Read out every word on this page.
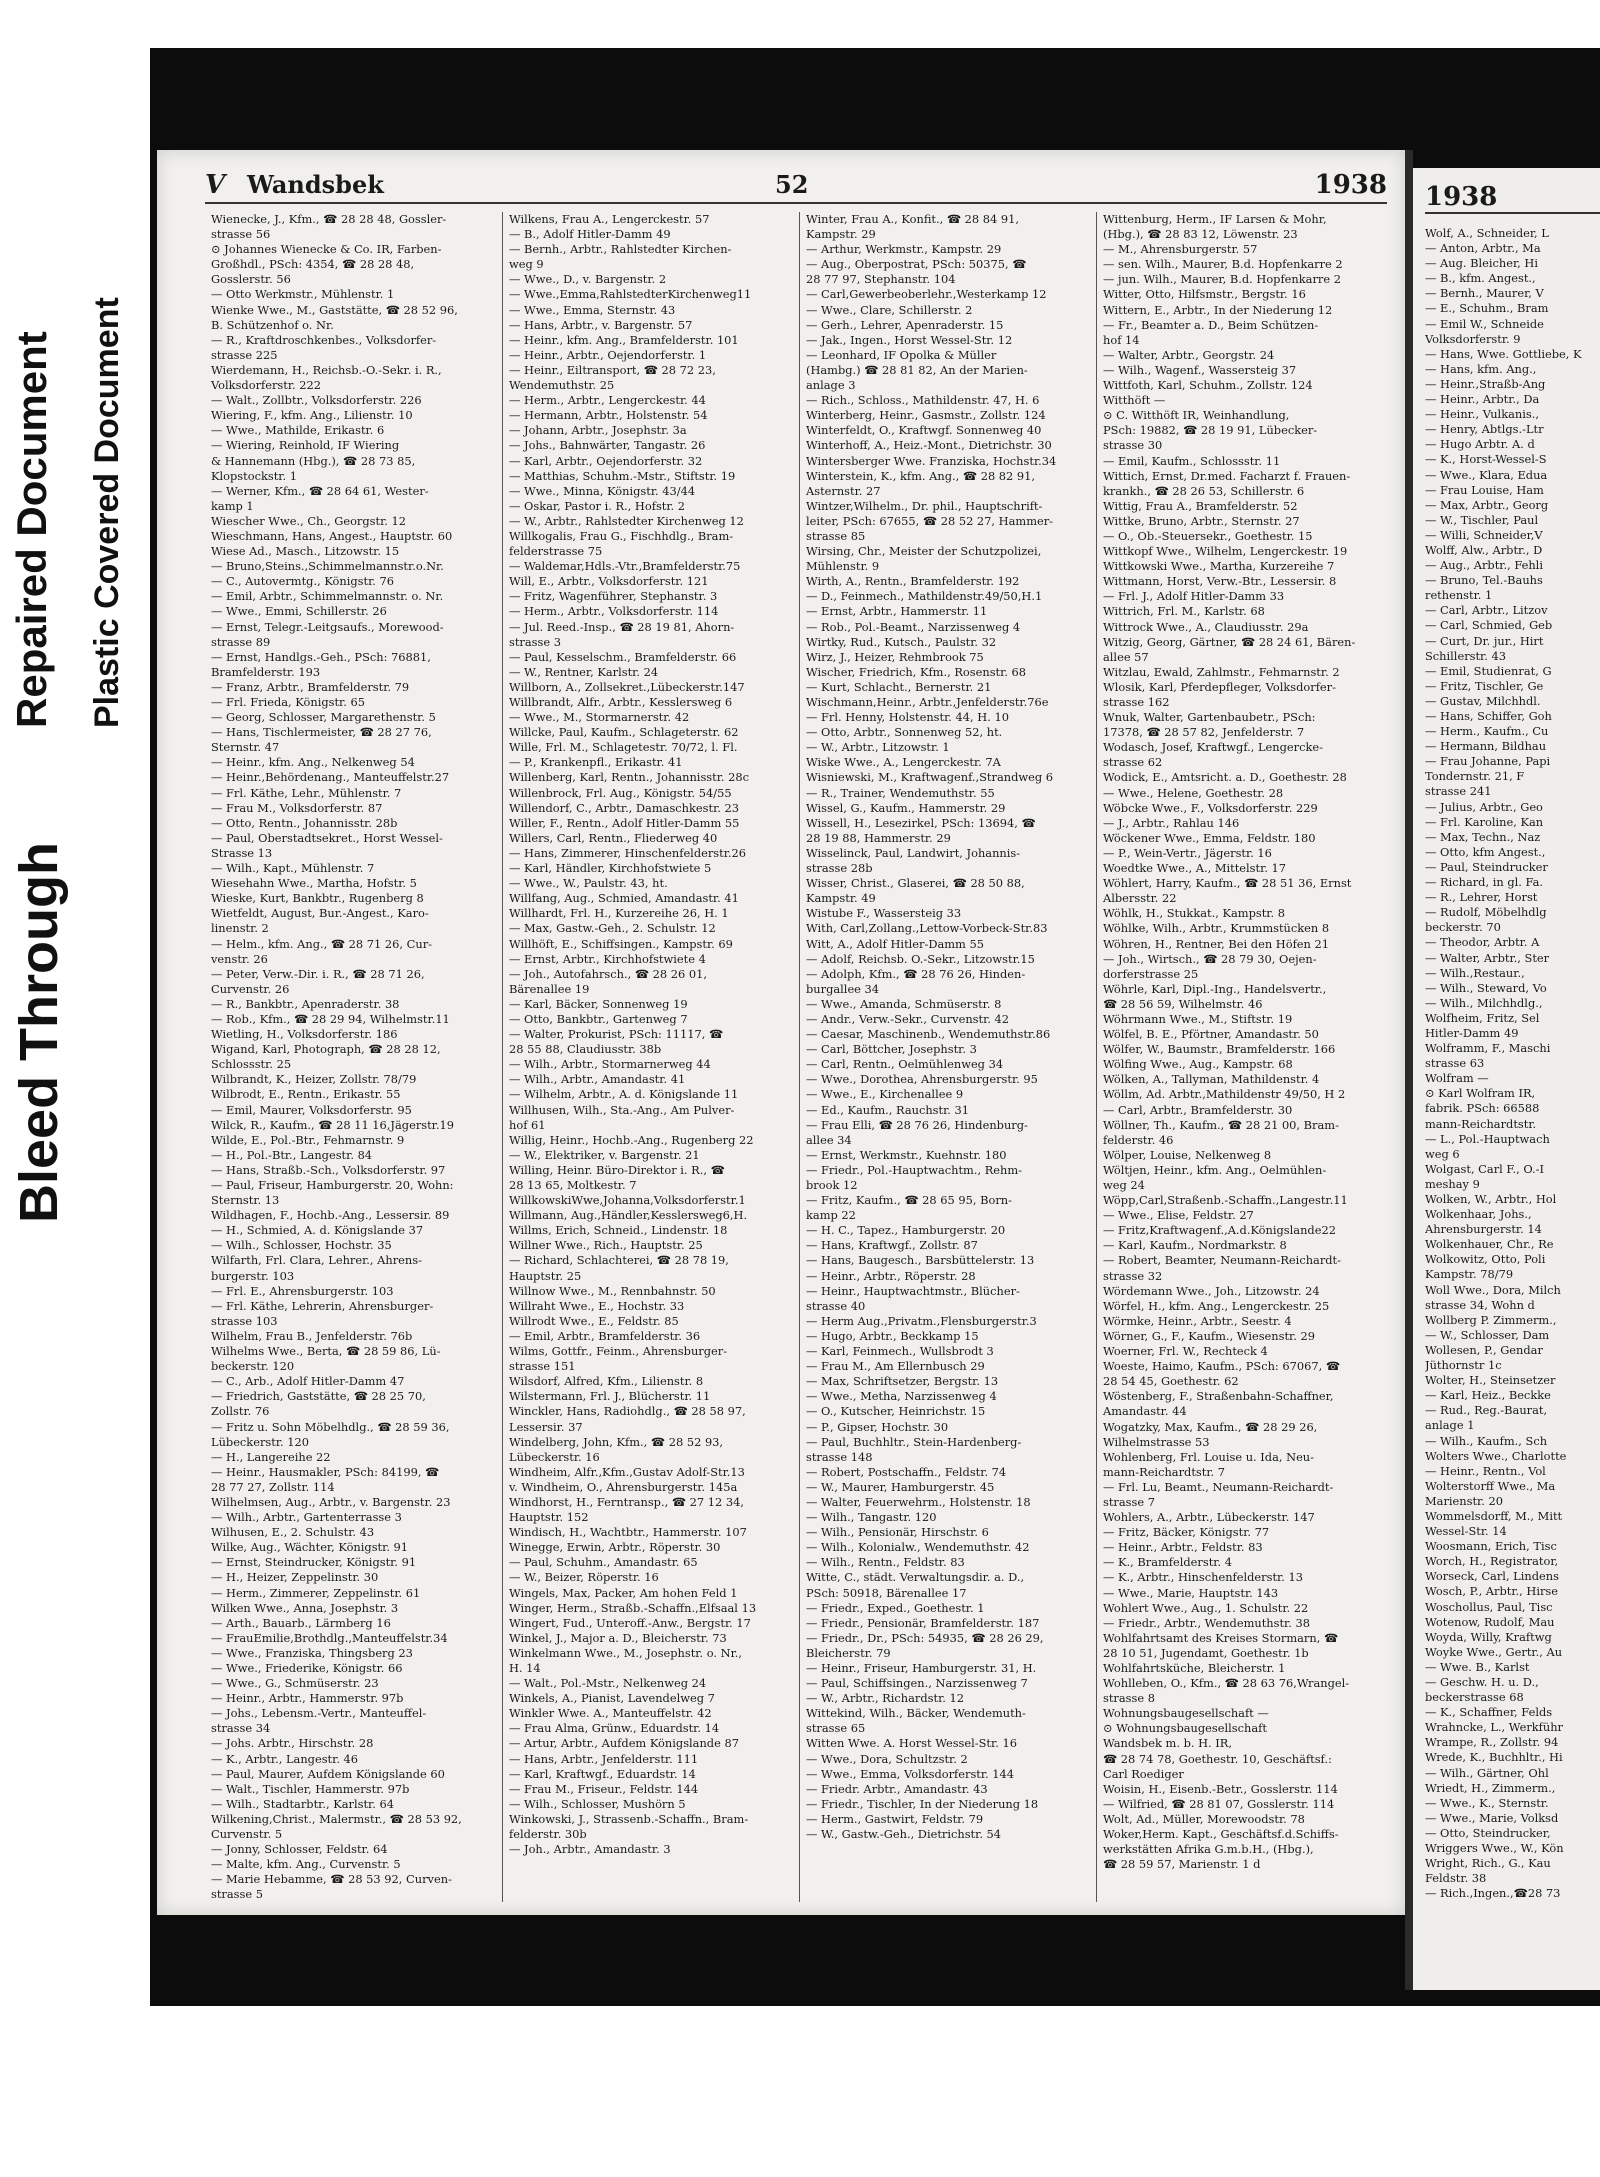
Bleed Through
Repaired Document Plastic Covered Document
V Wandsbek	52	1938
Wienecke, J., Kfm., ☎ 28 28 48, Gossler-
strasse 56
⊙ Johannes Wienecke & Co. IR, Farben-
Großhdl., PSch: 4354, ☎ 28 28 48,
Gosslerstr. 56
— Otto Werkmstr., Mühlenstr. 1
Wienke Wwe., M., Gaststätte, ☎ 28 52 96,
B. Schützenhof o. Nr.
— R., Kraftdroschkenbes., Volksdorfer-
strasse 225
Wierdemann, H., Reichsb.-O.-Sekr. i. R.,
Volksdorferstr. 222
— Walt., Zollbtr., Volksdorferstr. 226
Wiering, F., kfm. Ang., Lilienstr. 10
— Wwe., Mathilde, Erikastr. 6
— Wiering, Reinhold, IF Wiering
& Hannemann (Hbg.), ☎ 28 73 85,
Klopstockstr. 1
— Werner, Kfm., ☎ 28 64 61, Wester-
kamp 1
Wiescher Wwe., Ch., Georgstr. 12
Wieschmann, Hans, Angest., Hauptstr. 60
Wiese Ad., Masch., Litzowstr. 15
— Bruno,Steins.,Schimmelmannstr.o.Nr.
— C., Autovermtg., Königstr. 76
— Emil, Arbtr., Schimmelmannstr. o. Nr.
— Wwe., Emmi, Schillerstr. 26
— Ernst, Telegr.-Leitgsaufs., Morewood-
strasse 89
— Ernst, Handlgs.-Geh., PSch: 76881,
Bramfelderstr. 193
— Franz, Arbtr., Bramfelderstr. 79
— Frl. Frieda, Königstr. 65
— Georg, Schlosser, Margarethenstr. 5
— Hans, Tischlermeister, ☎ 28 27 76,
Sternstr. 47
— Heinr., kfm. Ang., Nelkenweg 54
— Heinr.,Behördenang., Manteuffelstr.27
— Frl. Käthe, Lehr., Mühlenstr. 7
— Frau M., Volksdorferstr. 87
— Otto, Rentn., Johannisstr. 28b
— Paul, Oberstadtsekret., Horst Wessel-
Strasse 13
— Wilh., Kapt., Mühlenstr. 7
Wiesehahn Wwe., Martha, Hofstr. 5
Wieske, Kurt, Bankbtr., Rugenberg 8
Wietfeldt, August, Bur.-Angest., Karo-
linenstr. 2
— Helm., kfm. Ang., ☎ 28 71 26, Cur-
venstr. 26
— Peter, Verw.-Dir. i. R., ☎ 28 71 26,
Curvenstr. 26
— R., Bankbtr., Apenraderstr. 38
— Rob., Kfm., ☎ 28 29 94, Wilhelmstr.11
Wietling, H., Volksdorferstr. 186
Wigand, Karl, Photograph, ☎ 28 28 12,
Schlossstr. 25
Wilbrandt, K., Heizer, Zollstr. 78/79
Wilbrodt, E., Rentn., Erikastr. 55
— Emil, Maurer, Volksdorferstr. 95
Wilck, R., Kaufm., ☎ 28 11 16,Jägerstr.19
Wilde, E., Pol.-Btr., Fehmarnstr. 9
— H., Pol.-Btr., Langestr. 84
— Hans, Straßb.-Sch., Volksdorferstr. 97
— Paul, Friseur, Hamburgerstr. 20, Wohn:
Sternstr. 13
Wildhagen, F., Hochb.-Ang., Lessersir. 89
— H., Schmied, A. d. Königslande 37
— Wilh., Schlosser, Hochstr. 35
Wilfarth, Frl. Clara, Lehrer., Ahrens-
burgerstr. 103
— Frl. E., Ahrensburgerstr. 103
— Frl. Käthe, Lehrerin, Ahrensburger-
strasse 103
Wilhelm, Frau B., Jenfelderstr. 76b
Wilhelms Wwe., Berta, ☎ 28 59 86, Lü-
beckerstr. 120
— C., Arb., Adolf Hitler-Damm 47
— Friedrich, Gaststätte, ☎ 28 25 70,
Zollstr. 76
— Fritz u. Sohn Möbelhdlg., ☎ 28 59 36,
Lübeckerstr. 120
— H., Langereihe 22
— Heinr., Hausmakler, PSch: 84199, ☎
28 77 27, Zollstr. 114
Wilhelmsen, Aug., Arbtr., v. Bargenstr. 23
— Wilh., Arbtr., Gartenterrasse 3
Wilhusen, E., 2. Schulstr. 43
Wilke, Aug., Wächter, Königstr. 91
— Ernst, Steindrucker, Königstr. 91
— H., Heizer, Zeppelinstr. 30
— Herm., Zimmerer, Zeppelinstr. 61
Wilken Wwe., Anna, Josephstr. 3
— Arth., Bauarb., Lärmberg 16
— FrauEmilie,Brothdlg.,Manteuffelstr.34
— Wwe., Franziska, Thingsberg 23
— Wwe., Friederike, Königstr. 66
— Wwe., G., Schmüserstr. 23
— Heinr., Arbtr., Hammerstr. 97b
— Johs., Lebensm.-Vertr., Manteuffel-
strasse 34
— Johs. Arbtr., Hirschstr. 28
— K., Arbtr., Langestr. 46
— Paul, Maurer, Aufdem Königslande 60
— Walt., Tischler, Hammerstr. 97b
— Wilh., Stadtarbtr., Karlstr. 64
Wilkening,Christ., Malermstr., ☎ 28 53 92,
Curvenstr. 5
— Jonny, Schlosser, Feldstr. 64
— Malte, kfm. Ang., Curvenstr. 5
— Marie Hebamme, ☎ 28 53 92, Curven-
strasse 5
Wilkens, Frau A., Lengerckestr. 57
— B., Adolf Hitler-Damm 49
— Bernh., Arbtr., Rahlstedter Kirchen-
weg 9
— Wwe., D., v. Bargenstr. 2
— Wwe.,Emma,RahlstedterKirchenweg11
— Wwe., Emma, Sternstr. 43
— Hans, Arbtr., v. Bargenstr. 57
— Heinr., kfm. Ang., Bramfelderstr. 101
— Heinr., Arbtr., Oejendorferstr. 1
— Heinr., Eiltransport, ☎ 28 72 23,
Wendemuthstr. 25
— Herm., Arbtr., Lengerckestr. 44
— Hermann, Arbtr., Holstenstr. 54
— Johann, Arbtr., Josephstr. 3a
— Johs., Bahnwärter, Tangastr. 26
— Karl, Arbtr., Oejendorferstr. 32
— Matthias, Schuhm.-Mstr., Stiftstr. 19
— Wwe., Minna, Königstr. 43/44
— Oskar, Pastor i. R., Hofstr. 2
— W., Arbtr., Rahlstedter Kirchenweg 12
Willkogalis, Frau G., Fischhdlg., Bram-
felderstrasse 75
— Waldemar,Hdls.-Vtr.,Bramfelderstr.75
Will, E., Arbtr., Volksdorferstr. 121
— Fritz, Wagenführer, Stephanstr. 3
— Herm., Arbtr., Volksdorferstr. 114
— Jul. Reed.-Insp., ☎ 28 19 81, Ahorn-
strasse 3
— Paul, Kesselschm., Bramfelderstr. 66
— W., Rentner, Karlstr. 24
Willborn, A., Zollsekret.,Lübeckerstr.147
Willbrandt, Alfr., Arbtr., Kesslersweg 6
— Wwe., M., Stormarnerstr. 42
Willcke, Paul, Kaufm., Schlageterstr. 62
Wille, Frl. M., Schlagetestr. 70/72, l. Fl.
— P., Krankenpfl., Erikastr. 41
Willenberg, Karl, Rentn., Johannisstr. 28c
Willenbrock, Frl. Aug., Königstr. 54/55
Willendorf, C., Arbtr., Damaschkestr. 23
Willer, F., Rentn., Adolf Hitler-Damm 55
Willers, Carl, Rentn., Fliederweg 40
— Hans, Zimmerer, Hinschenfelderstr.26
— Karl, Händler, Kirchhofstwiete 5
— Wwe., W., Paulstr. 43, ht.
Willfang, Aug., Schmied, Amandastr. 41
Willhardt, Frl. H., Kurzereihe 26, H. 1
— Max, Gastw.-Geh., 2. Schulstr. 12
Willhöft, E., Schiffsingen., Kampstr. 69
— Ernst, Arbtr., Kirchhofstwiete 4
— Joh., Autofahrsch., ☎ 28 26 01,
Bärenallee 19
— Karl, Bäcker, Sonnenweg 19
— Otto, Bankbtr., Gartenweg 7
— Walter, Prokurist, PSch: 11117, ☎
28 55 88, Claudiusstr. 38b
— Wilh., Arbtr., Stormarnerweg 44
— Wilh., Arbtr., Amandastr. 41
— Wilhelm, Arbtr., A. d. Königslande 11
Willhusen, Wilh., Sta.-Ang., Am Pulver-
hof 61
Willig, Heinr., Hochb.-Ang., Rugenberg 22
— W., Elektriker, v. Bargenstr. 21
Willing, Heinr. Büro-Direktor i. R., ☎
28 13 65, Moltkestr. 7
WillkowskiWwe,Johanna,Volksdorferstr.1
Willmann, Aug.,Händler,Kesslersweg6,H.
Willms, Erich, Schneid., Lindenstr. 18
Willner Wwe., Rich., Hauptstr. 25
— Richard, Schlachterei, ☎ 28 78 19,
Hauptstr. 25
Willnow Wwe., M., Rennbahnstr. 50
Willraht Wwe., E., Hochstr. 33
Willrodt Wwe., E., Feldstr. 85
— Emil, Arbtr., Bramfelderstr. 36
Wilms, Gottfr., Feinm., Ahrensburger-
strasse 151
Wilsdorf, Alfred, Kfm., Lilienstr. 8
Wilstermann, Frl. J., Blücherstr. 11
Winckler, Hans, Radiohdlg., ☎ 28 58 97,
Lessersir. 37
Windelberg, John, Kfm., ☎ 28 52 93,
Lübeckerstr. 16
Windheim, Alfr.,Kfm.,Gustav Adolf-Str.13
v. Windheim, O., Ahrensburgerstr. 145a
Windhorst, H., Ferntransp., ☎ 27 12 34,
Hauptstr. 152
Windisch, H., Wachtbtr., Hammerstr. 107
Winegge, Erwin, Arbtr., Röperstr. 30
— Paul, Schuhm., Amandastr. 65
— W., Beizer, Röperstr. 16
Wingels, Max, Packer, Am hohen Feld 1
Winger, Herm., Straßb.-Schaffn.,Elfsaal 13
Wingert, Fud., Unteroff.-Anw., Bergstr. 17
Winkel, J., Major a. D., Bleicherstr. 73
Winkelmann Wwe., M., Josephstr. o. Nr.,
H. 14
— Walt., Pol.-Mstr., Nelkenweg 24
Winkels, A., Pianist, Lavendelweg 7
Winkler Wwe. A., Manteuffelstr. 42
— Frau Alma, Grünw., Eduardstr. 14
— Artur, Arbtr., Aufdem Königslande 87
— Hans, Arbtr., Jenfelderstr. 111
— Karl, Kraftwgf., Eduardstr. 14
— Frau M., Friseur., Feldstr. 144
— Wilh., Schlosser, Mushörn 5
Winkowski, J., Strassenb.-Schaffn., Bram-
felderstr. 30b
— Joh., Arbtr., Amandastr. 3
Winter, Frau A., Konfit., ☎ 28 84 91,
Kampstr. 29
— Arthur, Werkmstr., Kampstr. 29
— Aug., Oberpostrat, PSch: 50375, ☎
28 77 97, Stephanstr. 104
— Carl,Gewerbeoberlehr.,Westerkamp 12
— Wwe., Clare, Schillerstr. 2
— Gerh., Lehrer, Apenraderstr. 15
— Jak., Ingen., Horst Wessel-Str. 12
— Leonhard, IF Opolka & Müller
(Hambg.) ☎ 28 81 82, An der Marien-
anlage 3
— Rich., Schloss., Mathildenstr. 47, H. 6
Winterberg, Heinr., Gasmstr., Zollstr. 124
Winterfeldt, O., Kraftwgf. Sonnenweg 40
Winterhoff, A., Heiz.-Mont., Dietrichstr. 30
Wintersberger Wwe. Franziska, Hochstr.34
Winterstein, K., kfm. Ang., ☎ 28 82 91,
Asternstr. 27
Wintzer,Wilhelm., Dr. phil., Hauptschrift-
leiter, PSch: 67655, ☎ 28 52 27, Hammer-
strasse 85
Wirsing, Chr., Meister der Schutzpolizei,
Mühlenstr. 9
Wirth, A., Rentn., Bramfelderstr. 192
— D., Feinmech., Mathildenstr.49/50,H.1
— Ernst, Arbtr., Hammerstr. 11
— Rob., Pol.-Beamt., Narzissenweg 4
Wirtky, Rud., Kutsch., Paulstr. 32
Wirz, J., Heizer, Rehmbrook 75
Wischer, Friedrich, Kfm., Rosenstr. 68
— Kurt, Schlacht., Bernerstr. 21
Wischmann,Heinr., Arbtr.,Jenfelderstr.76e
— Frl. Henny, Holstenstr. 44, H. 10
— Otto, Arbtr., Sonnenweg 52, ht.
— W., Arbtr., Litzowstr. 1
Wiske Wwe., A., Lengerckestr. 7A
Wisniewski, M., Kraftwagenf.,Strandweg 6
— R., Trainer, Wendemuthstr. 55
Wissel, G., Kaufm., Hammerstr. 29
Wissell, H., Lesezirkel, PSch: 13694, ☎
28 19 88, Hammerstr. 29
Wisselinck, Paul, Landwirt, Johannis-
strasse 28b
Wisser, Christ., Glaserei, ☎ 28 50 88,
Kampstr. 49
Wistube F., Wassersteig 33
With, Carl,Zollang.,Lettow-Vorbeck-Str.83
Witt, A., Adolf Hitler-Damm 55
— Adolf, Reichsb. O.-Sekr., Litzowstr.15
— Adolph, Kfm., ☎ 28 76 26, Hinden-
burgallee 34
— Wwe., Amanda, Schmüserstr. 8
— Andr., Verw.-Sekr., Curvenstr. 42
— Caesar, Maschinenb., Wendemuthstr.86
— Carl, Böttcher, Josephstr. 3
— Carl, Rentn., Oelmühlenweg 34
— Wwe., Dorothea, Ahrensburgerstr. 95
— Wwe., E., Kirchenallee 9
— Ed., Kaufm., Rauchstr. 31
— Frau Elli, ☎ 28 76 26, Hindenburg-
allee 34
— Ernst, Werkmstr., Kuehnstr. 180
— Friedr., Pol.-Hauptwachtm., Rehm-
brook 12
— Fritz, Kaufm., ☎ 28 65 95, Born-
kamp 22
— H. C., Tapez., Hamburgerstr. 20
— Hans, Kraftwgf., Zollstr. 87
— Hans, Baugesch., Barsbüttelerstr. 13
— Heinr., Arbtr., Röperstr. 28
— Heinr., Hauptwachtmstr., Blücher-
strasse 40
— Herm Aug.,Privatm.,Flensburgerstr.3
— Hugo, Arbtr., Beckkamp 15
— Karl, Feinmech., Wullsbrodt 3
— Frau M., Am Ellernbusch 29
— Max, Schriftsetzer, Bergstr. 13
— Wwe., Metha, Narzissenweg 4
— O., Kutscher, Heinrichstr. 15
— P., Gipser, Hochstr. 30
— Paul, Buchhltr., Stein-Hardenberg-
strasse 148
— Robert, Postschaffn., Feldstr. 74
— W., Maurer, Hamburgerstr. 45
— Walter, Feuerwehrm., Holstenstr. 18
— Wilh., Tangastr. 120
— Wilh., Pensionär, Hirschstr. 6
— Wilh., Kolonialw., Wendemuthstr. 42
— Wilh., Rentn., Feldstr. 83
Witte, C., städt. Verwaltungsdir. a. D.,
PSch: 50918, Bärenallee 17
— Friedr., Exped., Goethestr. 1
— Friedr., Pensionär, Bramfelderstr. 187
— Friedr., Dr., PSch: 54935, ☎ 28 26 29,
Bleicherstr. 79
— Heinr., Friseur, Hamburgerstr. 31, H.
— Paul, Schiffsingen., Narzissenweg 7
— W., Arbtr., Richardstr. 12
Wittekind, Wilh., Bäcker, Wendemuth-
strasse 65
Witten Wwe. A. Horst Wessel-Str. 16
— Wwe., Dora, Schultzstr. 2
— Wwe., Emma, Volksdorferstr. 144
— Friedr. Arbtr., Amandastr. 43
— Friedr., Tischler, In der Niederung 18
— Herm., Gastwirt, Feldstr. 79
— W., Gastw.-Geh., Dietrichstr. 54
Wittenburg, Herm., IF Larsen & Mohr,
(Hbg.), ☎ 28 83 12, Löwenstr. 23
— M., Ahrensburgerstr. 57
— sen. Wilh., Maurer, B.d. Hopfenkarre 2
— jun. Wilh., Maurer, B.d. Hopfenkarre 2
Witter, Otto, Hilfsmstr., Bergstr. 16
Wittern, E., Arbtr., In der Niederung 12
— Fr., Beamter a. D., Beim Schützen-
hof 14
— Walter, Arbtr., Georgstr. 24
— Wilh., Wagenf., Wassersteig 37
Wittfoth, Karl, Schuhm., Zollstr. 124
Witthöft —
⊙ C. Witthöft IR, Weinhandlung,
PSch: 19882, ☎ 28 19 91, Lübecker-
strasse 30
— Emil, Kaufm., Schlossstr. 11
Wittich, Ernst, Dr.med. Facharzt f. Frauen-
krankh., ☎ 28 26 53, Schillerstr. 6
Wittig, Frau A., Bramfelderstr. 52
Wittke, Bruno, Arbtr., Sternstr. 27
— O., Ob.-Steuersekr., Goethestr. 15
Wittkopf Wwe., Wilhelm, Lengerckestr. 19
Wittkowski Wwe., Martha, Kurzereihe 7
Wittmann, Horst, Verw.-Btr., Lessersir. 8
— Frl. J., Adolf Hitler-Damm 33
Wittrich, Frl. M., Karlstr. 68
Wittrock Wwe., A., Claudiusstr. 29a
Witzig, Georg, Gärtner, ☎ 28 24 61, Bären-
allee 57
Witzlau, Ewald, Zahlmstr., Fehmarnstr. 2
Wlosik, Karl, Pferdepfleger, Volksdorfer-
strasse 162
Wnuk, Walter, Gartenbaubetr., PSch:
17378, ☎ 28 57 82, Jenfelderstr. 7
Wodasch, Josef, Kraftwgf., Lengercke-
strasse 62
Wodick, E., Amtsricht. a. D., Goethestr. 28
— Wwe., Helene, Goethestr. 28
Wöbcke Wwe., F., Volksdorferstr. 229
— J., Arbtr., Rahlau 146
Wöckener Wwe., Emma, Feldstr. 180
— P., Wein-Vertr., Jägerstr. 16
Woedtke Wwe., A., Mittelstr. 17
Wöhlert, Harry, Kaufm., ☎ 28 51 36, Ernst
Albersstr. 22
Wöhlk, H., Stukkat., Kampstr. 8
Wöhlke, Wilh., Arbtr., Krummstücken 8
Wöhren, H., Rentner, Bei den Höfen 21
— Joh., Wirtsch., ☎ 28 79 30, Oejen-
dorferstrasse 25
Wöhrle, Karl, Dipl.-Ing., Handelsvertr.,
☎ 28 56 59, Wilhelmstr. 46
Wöhrmann Wwe., M., Stiftstr. 19
Wölfel, B. E., Pförtner, Amandastr. 50
Wölfer, W., Baumstr., Bramfelderstr. 166
Wölfing Wwe., Aug., Kampstr. 68
Wölken, A., Tallyman, Mathildenstr. 4
Wöllm, Ad. Arbtr.,Mathildenstr 49/50, H 2
— Carl, Arbtr., Bramfelderstr. 30
Wöllner, Th., Kaufm., ☎ 28 21 00, Bram-
felderstr. 46
Wölper, Louise, Nelkenweg 8
Wöltjen, Heinr., kfm. Ang., Oelmühlen-
weg 24
Wöpp,Carl,Straßenb.-Schaffn.,Langestr.11
— Wwe., Elise, Feldstr. 27
— Fritz,Kraftwagenf.,A.d.Königslande22
— Karl, Kaufm., Nordmarkstr. 8
— Robert, Beamter, Neumann-Reichardt-
strasse 32
Wördemann Wwe., Joh., Litzowstr. 24
Wörfel, H., kfm. Ang., Lengerckestr. 25
Wörmke, Heinr., Arbtr., Seestr. 4
Wörner, G., F., Kaufm., Wiesenstr. 29
Woerner, Frl. W., Rechteck 4
Woeste, Haimo, Kaufm., PSch: 67067, ☎
28 54 45, Goethestr. 62
Wöstenberg, F., Straßenbahn-Schaffner,
Amandastr. 44
Wogatzky, Max, Kaufm., ☎ 28 29 26,
Wilhelmstrasse 53
Wohlenberg, Frl. Louise u. Ida, Neu-
mann-Reichardtstr. 7
— Frl. Lu, Beamt., Neumann-Reichardt-
strasse 7
Wohlers, A., Arbtr., Lübeckerstr. 147
— Fritz, Bäcker, Königstr. 77
— Heinr., Arbtr., Feldstr. 83
— K., Bramfelderstr. 4
— K., Arbtr., Hinschenfelderstr. 13
— Wwe., Marie, Hauptstr. 143
Wohlert Wwe., Aug., 1. Schulstr. 22
— Friedr., Arbtr., Wendemuthstr. 38
Wohlfahrtsamt des Kreises Stormarn, ☎
28 10 51, Jugendamt, Goethestr. 1b
Wohlfahrtsküche, Bleicherstr. 1
Wohlleben, O., Kfm., ☎ 28 63 76,Wrangel-
strasse 8
Wohnungsbaugesellschaft —
⊙ Wohnungsbaugesellschaft
Wandsbek m. b. H. IR,
☎ 28 74 78, Goethestr. 10, Geschäftsf.:
Carl Roediger
Woisin, H., Eisenb.-Betr., Gosslerstr. 114
— Wilfried, ☎ 28 81 07, Gosslerstr. 114
Wolt, Ad., Müller, Morewoodstr. 78
Woker,Herm. Kapt., Geschäftsf.d.Schiffs-
werkstätten Afrika G.m.b.H., (Hbg.),
☎ 28 59 57, Marienstr. 1 d
1938
Wolf, A., Schneider, L
— Anton, Arbtr., Ma
— Aug. Bleicher, Hi
— B., kfm. Angest.,
— Bernh., Maurer, V
— E., Schuhm., Bram
— Emil W., Schneide
Volksdorferstr. 9
— Hans, Wwe. Gottliebe, K
— Hans, kfm. Ang.,
— Heinr.,Straßb-Ang
— Heinr., Arbtr., Da
— Heinr., Vulkanis.,
— Henry, Abtlgs.-Ltr
— Hugo Arbtr. A. d
— K., Horst-Wessel-S
— Wwe., Klara, Edua
— Frau Louise, Ham
— Max, Arbtr., Georg
— W., Tischler, Paul
— Willi, Schneider,V
Wolff, Alw., Arbtr., D
— Aug., Arbtr., Fehli
— Bruno, Tel.-Bauhs
rethenstr. 1
— Carl, Arbtr., Litzov
— Carl, Schmied, Geb
— Curt, Dr. jur., Hirt
Schillerstr. 43
— Emil, Studienrat, G
— Fritz, Tischler, Ge
— Gustav, Milchhdl.
— Hans, Schiffer, Goh
— Herm., Kaufm., Cu
— Hermann, Bildhau
— Frau Johanne, Papi
Tondernstr. 21, F
strasse 241
— Julius, Arbtr., Geo
— Frl. Karoline, Kan
— Max, Techn., Naz
— Otto, kfm Angest.,
— Paul, Steindrucker
— Richard, in gl. Fa.
— R., Lehrer, Horst
— Rudolf, Möbelhdlg
beckerstr. 70
— Theodor, Arbtr. A
— Walter, Arbtr., Ster
— Wilh.,Restaur.,
— Wilh., Steward, Vo
— Wilh., Milchhdlg.,
Wolfheim, Fritz, Sel
Hitler-Damm 49
Wolframm, F., Maschi
strasse 63
Wolfram —
⊙ Karl Wolfram IR,
fabrik. PSch: 66588
mann-Reichardtstr.
— L., Pol.-Hauptwach
weg 6
Wolgast, Carl F., O.-I
meshay 9
Wolken, W., Arbtr., Hol
Wolkenhaar, Johs.,
Ahrensburgerstr. 14
Wolkenhauer, Chr., Re
Wolkowitz, Otto, Poli
Kampstr. 78/79
Woll Wwe., Dora, Milch
strasse 34, Wohn d
Wollberg P. Zimmerm.,
— W., Schlosser, Dam
Wollesen, P., Gendar
Jüthornstr 1c
Wolter, H., Steinsetzer
— Karl, Heiz., Beckke
— Rud., Reg.-Baurat,
anlage 1
— Wilh., Kaufm., Sch
Wolters Wwe., Charlotte
— Heinr., Rentn., Vol
Wolterstorff Wwe., Ma
Marienstr. 20
Wommelsdorff, M., Mitt
Wessel-Str. 14
Woosmann, Erich, Tisc
Worch, H., Registrator,
Worseck, Carl, Lindens
Wosch, P., Arbtr., Hirse
Woschollus, Paul, Tisc
Wotenow, Rudolf, Mau
Woyda, Willy, Kraftwg
Woyke Wwe., Gertr., Au
— Wwe. B., Karlst
— Geschw. H. u. D.,
beckerstrasse 68
— K., Schaffner, Felds
Wrahncke, L., Werkführ
Wrampe, R., Zollstr. 94
Wrede, K., Buchhltr., Hi
— Wilh., Gärtner, Ohl
Wriedt, H., Zimmerm.,
— Wwe., K., Sternstr.
— Wwe., Marie, Volksd
— Otto, Steindrucker,
Wriggers Wwe., W., Kön
Wright, Rich., G., Kau
Feldstr. 38
— Rich.,Ingen.,☎28 73
